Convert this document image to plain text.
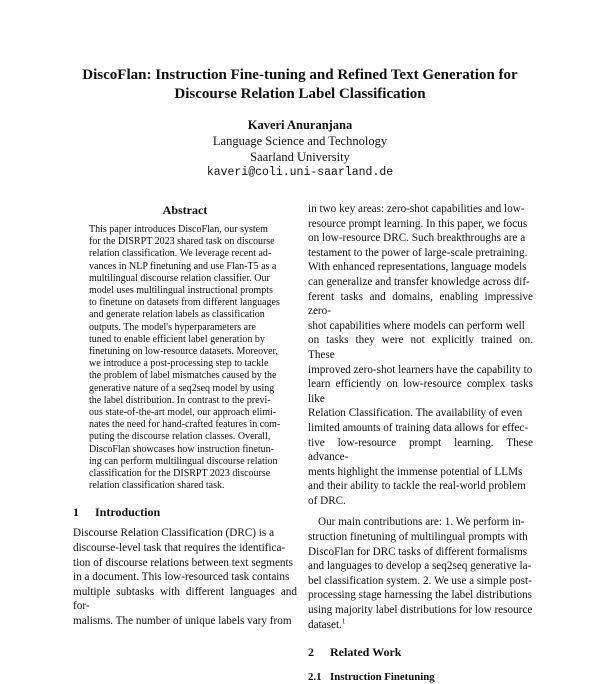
DiscoFlan: Instruction Fine-tuning and Refined Text Generation for
Discourse Relation Label Classification
Kaveri Anuranjana
Language Science and Technology
Saarland University
kaveri@coli.uni-saarland.de
Abstract
This paper introduces DiscoFlan, our system
for the DISRPT 2023 shared task on discourse
relation classification. We leverage recent ad-
vances in NLP finetuning and use Flan-T5 as a
multilingual discourse relation classifier. Our
model uses multilingual instructional prompts
to finetune on datasets from different languages
and generate relation labels as classification
outputs. The model's hyperparameters are
tuned to enable efficient label generation by
finetuning on low-resource datasets. Moreover,
we introduce a post-processing step to tackle
the problem of label mismatches caused by the
generative nature of a seq2seq model by using
the label distribution. In contrast to the previ-
ous state-of-the-art model, our approach elimi-
nates the need for hand-crafted features in com-
puting the discourse relation classes. Overall,
DiscoFlan showcases how instruction finetun-
ing can perform multilingual discourse relation
classification for the DISRPT 2023 discourse
relation classification shared task.
1 Introduction
Discourse Relation Classification (DRC) is a
discourse-level task that requires the identifica-
tion of discourse relations between text segments
in a document. This low-resourced task contains
multiple subtasks with different languages and for-
malisms. The number of unique labels vary from
in two key areas: zero-shot capabilities and low-
resource prompt learning. In this paper, we focus
on low-resource DRC. Such breakthroughs are a
testament to the power of large-scale pretraining.
With enhanced representations, language models
can generalize and transfer knowledge across dif-
ferent tasks and domains, enabling impressive zero-
shot capabilities where models can perform well
on tasks they were not explicitly trained on. These
improved zero-shot learners have the capability to
learn efficiently on low-resource complex tasks like
Relation Classification. The availability of even
limited amounts of training data allows for effec-
tive low-resource prompt learning. These advance-
ments highlight the immense potential of LLMs
and their ability to tackle the real-world problem
of DRC.
Our main contributions are: 1. We perform in-
struction finetuning of multilingual prompts with
DiscoFlan for DRC tasks of different formalisms
and languages to develop a seq2seq generative la-
bel classification system. 2. We use a simple post-
processing stage harnessing the label distributions
using majority label distributions for low resource
dataset.$^1$
2 Related Work
2.1 Instruction Finetuning
